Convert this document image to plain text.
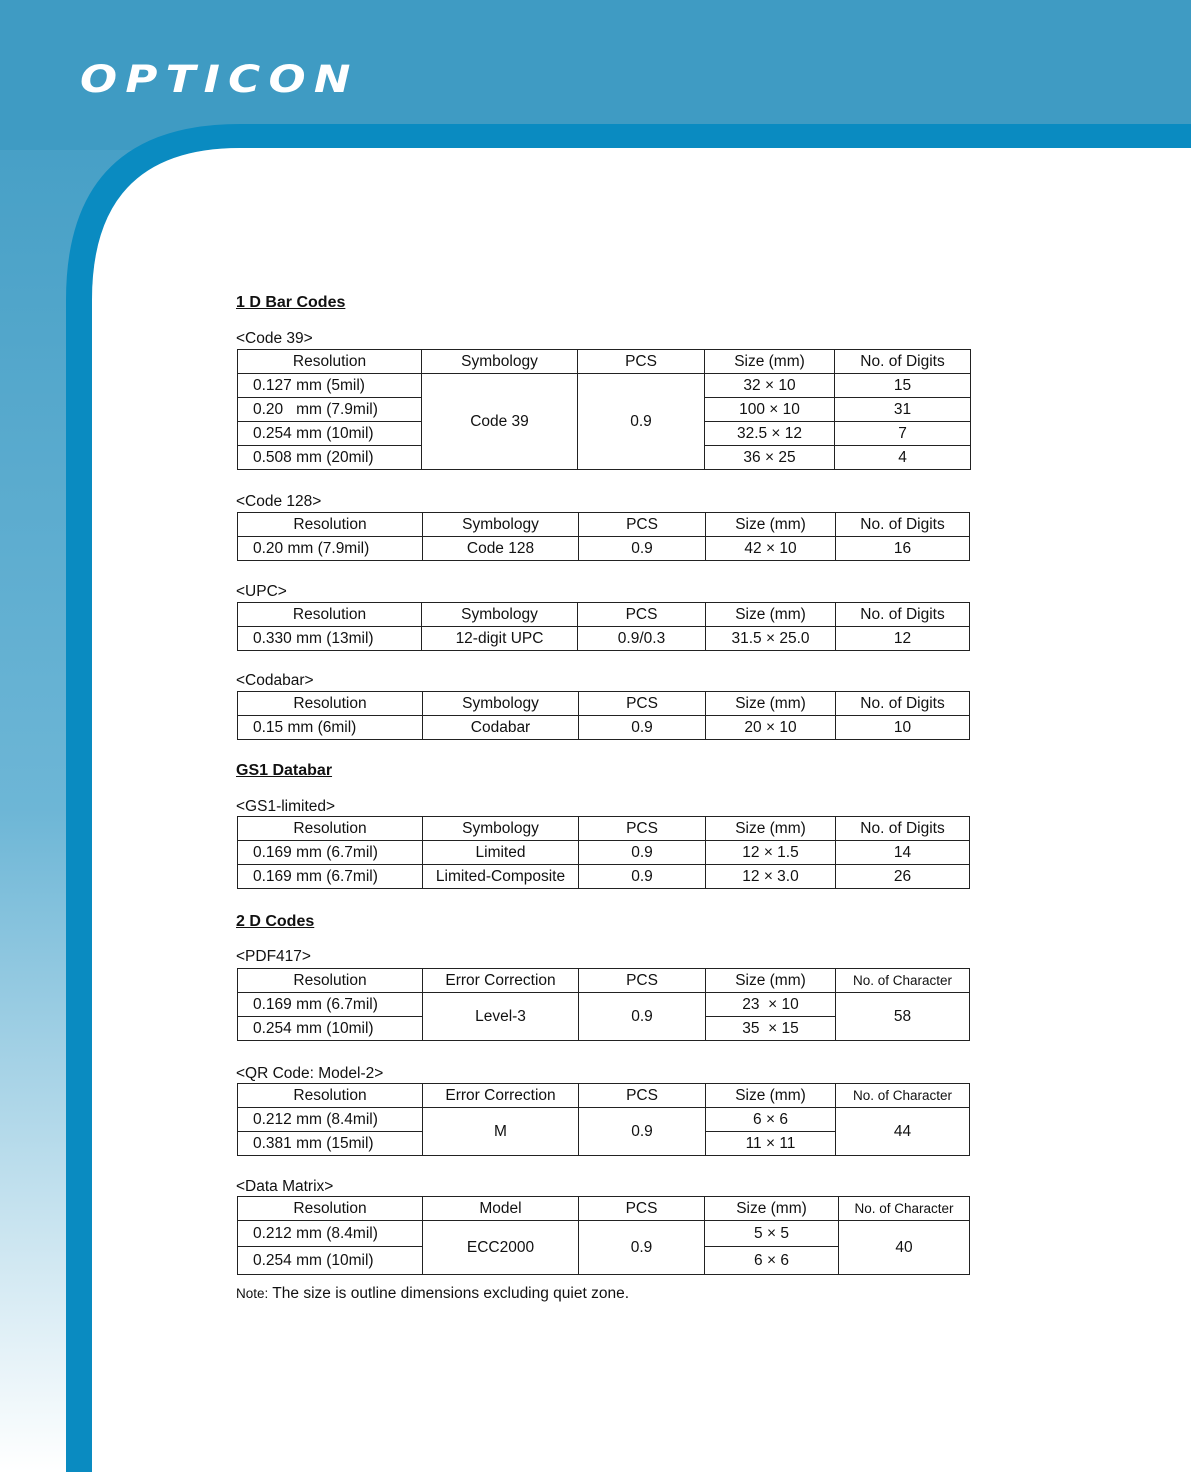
OPTICON
1 D Bar Codes
<Code 39>
Resolution	Symbology	PCS	Size (mm)	No. of Digits
0.127 mm (5mil)	Code 39	0.9	32 × 10	15
0.20   mm (7.9mil)			100 × 10	31
0.254 mm (10mil)			32.5 × 12	7
0.508 mm (20mil)			36 × 25	4
<Code 128>
Resolution	Symbology	PCS	Size (mm)	No. of Digits
0.20 mm (7.9mil)	Code 128	0.9	42 × 10	16
<UPC>
Resolution	Symbology	PCS	Size (mm)	No. of Digits
0.330 mm (13mil)	12-digit UPC	0.9/0.3	31.5 × 25.0	12
<Codabar>
Resolution	Symbology	PCS	Size (mm)	No. of Digits
0.15 mm (6mil)	Codabar	0.9	20 × 10	10
GS1 Databar
<GS1-limited>
Resolution	Symbology	PCS	Size (mm)	No. of Digits
0.169 mm (6.7mil)	Limited	0.9	12 × 1.5	14
0.169 mm (6.7mil)	Limited-Composite	0.9	12 × 3.0	26
2 D Codes
<PDF417>
Resolution	Error Correction	PCS	Size (mm)	No. of Character
0.169 mm (6.7mil)	Level-3	0.9	23  × 10	58
0.254 mm (10mil)			35  × 15	
<QR Code: Model-2>
Resolution	Error Correction	PCS	Size (mm)	No. of Character
0.212 mm (8.4mil)	M	0.9	6 × 6	44
0.381 mm (15mil)			11 × 11	
<Data Matrix>
Resolution	Model	PCS	Size (mm)	No. of Character
0.212 mm (8.4mil)	ECC2000	0.9	5 × 5	40
0.254 mm (10mil)			6 × 6	
Note: The size is outline dimensions excluding quiet zone.
